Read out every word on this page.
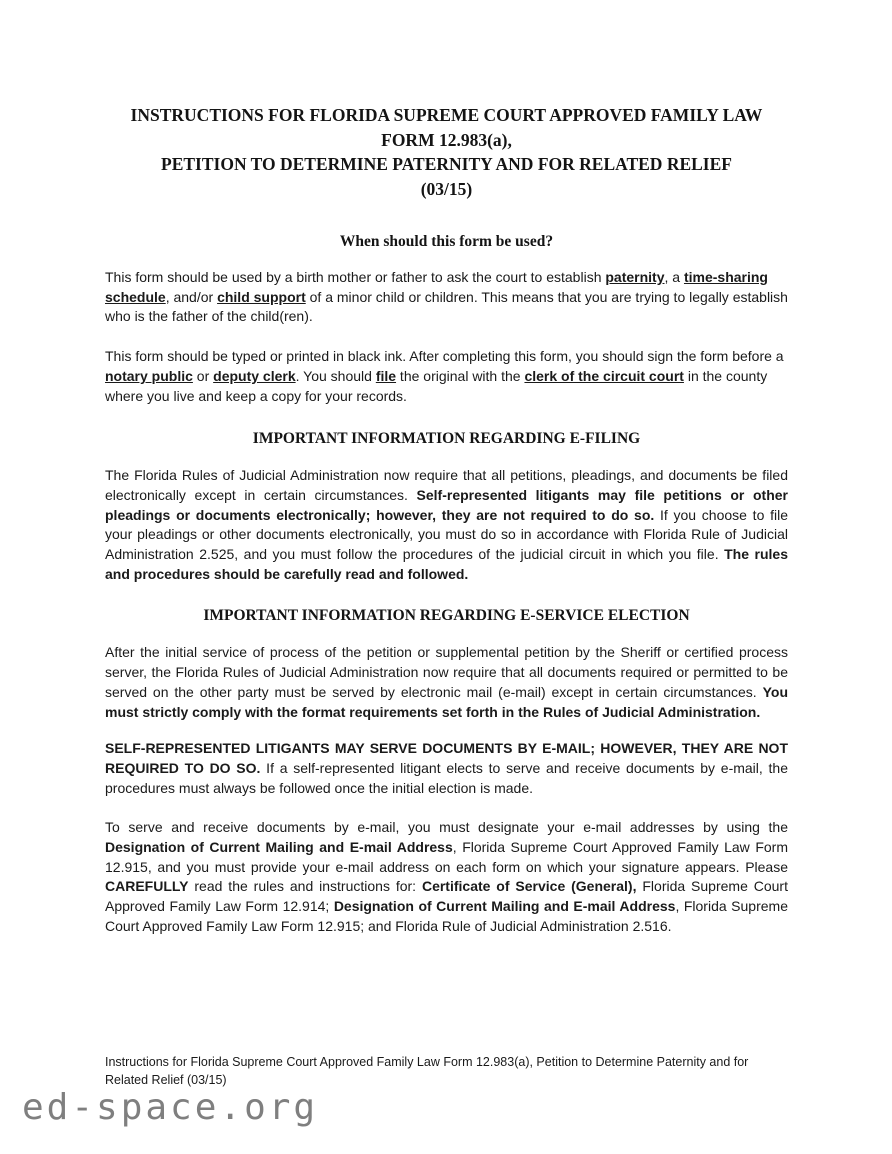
INSTRUCTIONS FOR FLORIDA SUPREME COURT APPROVED FAMILY LAW
FORM 12.983(a),
PETITION TO DETERMINE PATERNITY AND FOR RELATED RELIEF
(03/15)
When should this form be used?
This form should be used by a birth mother or father to ask the court to establish paternity, a time-sharing schedule, and/or child support of a minor child or children. This means that you are trying to legally establish who is the father of the child(ren).
This form should be typed or printed in black ink. After completing this form, you should sign the form before a notary public or deputy clerk. You should file the original with the clerk of the circuit court in the county where you live and keep a copy for your records.
IMPORTANT INFORMATION REGARDING E-FILING
The Florida Rules of Judicial Administration now require that all petitions, pleadings, and documents be filed electronically except in certain circumstances. Self-represented litigants may file petitions or other pleadings or documents electronically; however, they are not required to do so. If you choose to file your pleadings or other documents electronically, you must do so in accordance with Florida Rule of Judicial Administration 2.525, and you must follow the procedures of the judicial circuit in which you file. The rules and procedures should be carefully read and followed.
IMPORTANT INFORMATION REGARDING E-SERVICE ELECTION
After the initial service of process of the petition or supplemental petition by the Sheriff or certified process server, the Florida Rules of Judicial Administration now require that all documents required or permitted to be served on the other party must be served by electronic mail (e-mail) except in certain circumstances. You must strictly comply with the format requirements set forth in the Rules of Judicial Administration.
SELF-REPRESENTED LITIGANTS MAY SERVE DOCUMENTS BY E-MAIL; HOWEVER, THEY ARE NOT REQUIRED TO DO SO. If a self-represented litigant elects to serve and receive documents by e-mail, the procedures must always be followed once the initial election is made.
To serve and receive documents by e-mail, you must designate your e-mail addresses by using the Designation of Current Mailing and E-mail Address, Florida Supreme Court Approved Family Law Form 12.915, and you must provide your e-mail address on each form on which your signature appears. Please CAREFULLY read the rules and instructions for: Certificate of Service (General), Florida Supreme Court Approved Family Law Form 12.914; Designation of Current Mailing and E-mail Address, Florida Supreme Court Approved Family Law Form 12.915; and Florida Rule of Judicial Administration 2.516.
Instructions for Florida Supreme Court Approved Family Law Form 12.983(a), Petition to Determine Paternity and for Related Relief (03/15)
ed-space.org
